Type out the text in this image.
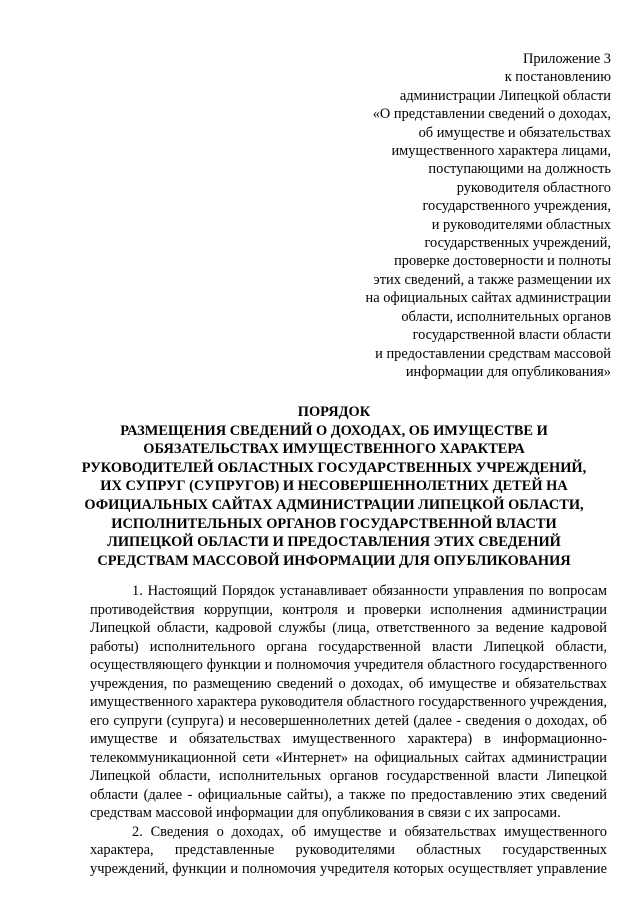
Приложение 3
к постановлению
администрации Липецкой области
«О представлении сведений о доходах,
об имуществе и обязательствах
имущественного характера лицами,
поступающими на должность
руководителя областного
государственного учреждения,
и руководителями областных
государственных учреждений,
проверке достоверности и полноты
этих сведений, а также размещении их
на официальных сайтах администрации
области, исполнительных органов
государственной власти области
и предоставлении средствам массовой
информации для опубликования»
ПОРЯДОК
РАЗМЕЩЕНИЯ СВЕДЕНИЙ О ДОХОДАХ, ОБ ИМУЩЕСТВЕ И
ОБЯЗАТЕЛЬСТВАХ ИМУЩЕСТВЕННОГО ХАРАКТЕРА
РУКОВОДИТЕЛЕЙ ОБЛАСТНЫХ ГОСУДАРСТВЕННЫХ УЧРЕЖДЕНИЙ,
ИХ СУПРУГ (СУПРУГОВ) И НЕСОВЕРШЕННОЛЕТНИХ ДЕТЕЙ НА
ОФИЦИАЛЬНЫХ САЙТАХ АДМИНИСТРАЦИИ ЛИПЕЦКОЙ ОБЛАСТИ,
ИСПОЛНИТЕЛЬНЫХ ОРГАНОВ ГОСУДАРСТВЕННОЙ ВЛАСТИ
ЛИПЕЦКОЙ ОБЛАСТИ И ПРЕДОСТАВЛЕНИЯ ЭТИХ СВЕДЕНИЙ
СРЕДСТВАМ МАССОВОЙ ИНФОРМАЦИИ ДЛЯ ОПУБЛИКОВАНИЯ
1. Настоящий Порядок устанавливает обязанности управления по вопросам
противодействия коррупции, контроля и проверки исполнения администрации
Липецкой области, кадровой службы (лица, ответственного за ведение кадровой
работы) исполнительного органа государственной власти Липецкой области,
осуществляющего функции и полномочия учредителя областного государственного
учреждения, по размещению сведений о доходах, об имуществе и обязательствах
имущественного характера руководителя областного государственного учреждения,
его супруги (супруга) и несовершеннолетних детей (далее - сведения о доходах, об
имуществе и обязательствах имущественного характера) в информационно-
телекоммуникационной сети «Интернет» на официальных сайтах администрации
Липецкой области, исполнительных органов государственной власти Липецкой
области (далее - официальные сайты), а также по предоставлению этих сведений
средствам массовой информации для опубликования в связи с их запросами.
2. Сведения о доходах, об имуществе и обязательствах имущественного
характера, представленные руководителями областных государственных
учреждений, функции и полномочия учредителя которых осуществляет управление
